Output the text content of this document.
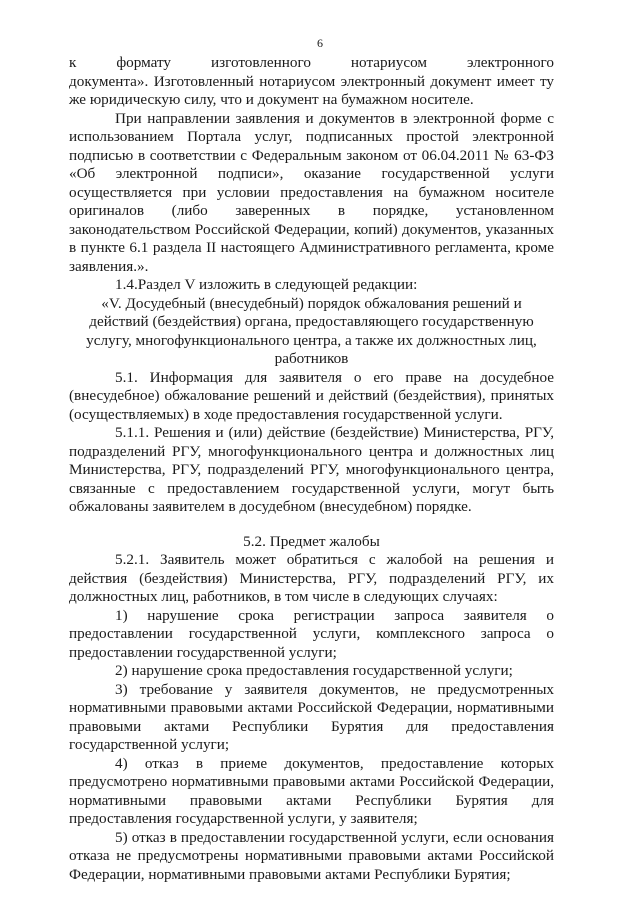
6

к формату изготовленного нотариусом электронного

документа». Изготовленный нотариусом электронный документ имеет ту же юридическую силу, что и документ на бумажном носителе.

При направлении заявления и документов в электронной форме с использованием Портала услуг, подписанных простой электронной подписью в соответствии с Федеральным законом от 06.04.2011 № 63-ФЗ «Об электронной подписи», оказание государственной услуги осуществляется при условии предоставления на бумажном носителе оригиналов (либо заверенных в порядке, установленном законодательством Российской Федерации, копий) документов, указанных в пункте 6.1 раздела II настоящего Административного регламента, кроме заявления.».

1.4.Раздел V изложить в следующей редакции:

«V. Досудебный (внесудебный) порядок обжалования решений и действий (бездействия) органа, предоставляющего государственную услугу, многофункционального центра, а также их должностных лиц, работников

5.1. Информация для заявителя о его праве на досудебное (внесудебное) обжалование решений и действий (бездействия), принятых (осуществляемых) в ходе предоставления государственной услуги.

5.1.1. Решения и (или) действие (бездействие) Министерства, РГУ, подразделений РГУ, многофункционального центра и должностных лиц Министерства, РГУ, подразделений РГУ, многофункционального центра, связанные с предоставлением государственной услуги, могут быть обжалованы заявителем в досудебном (внесудебном) порядке.

5.2. Предмет жалобы

5.2.1. Заявитель может обратиться с жалобой на решения и действия (бездействия) Министерства, РГУ, подразделений РГУ, их должностных лиц, работников, в том числе в следующих случаях:

1) нарушение срока регистрации запроса заявителя о предоставлении государственной услуги, комплексного запроса о предоставлении государственной услуги;

2) нарушение срока предоставления государственной услуги;

3) требование у заявителя документов, не предусмотренных нормативными правовыми актами Российской Федерации, нормативными правовыми актами Республики Бурятия для предоставления государственной услуги;

4) отказ в приеме документов, предоставление которых предусмотрено нормативными правовыми актами Российской Федерации, нормативными правовыми актами Республики Бурятия для предоставления государственной услуги, у заявителя;

5) отказ в предоставлении государственной услуги, если основания отказа не предусмотрены нормативными правовыми актами Российской Федерации, нормативными правовыми актами Республики Бурятия;
